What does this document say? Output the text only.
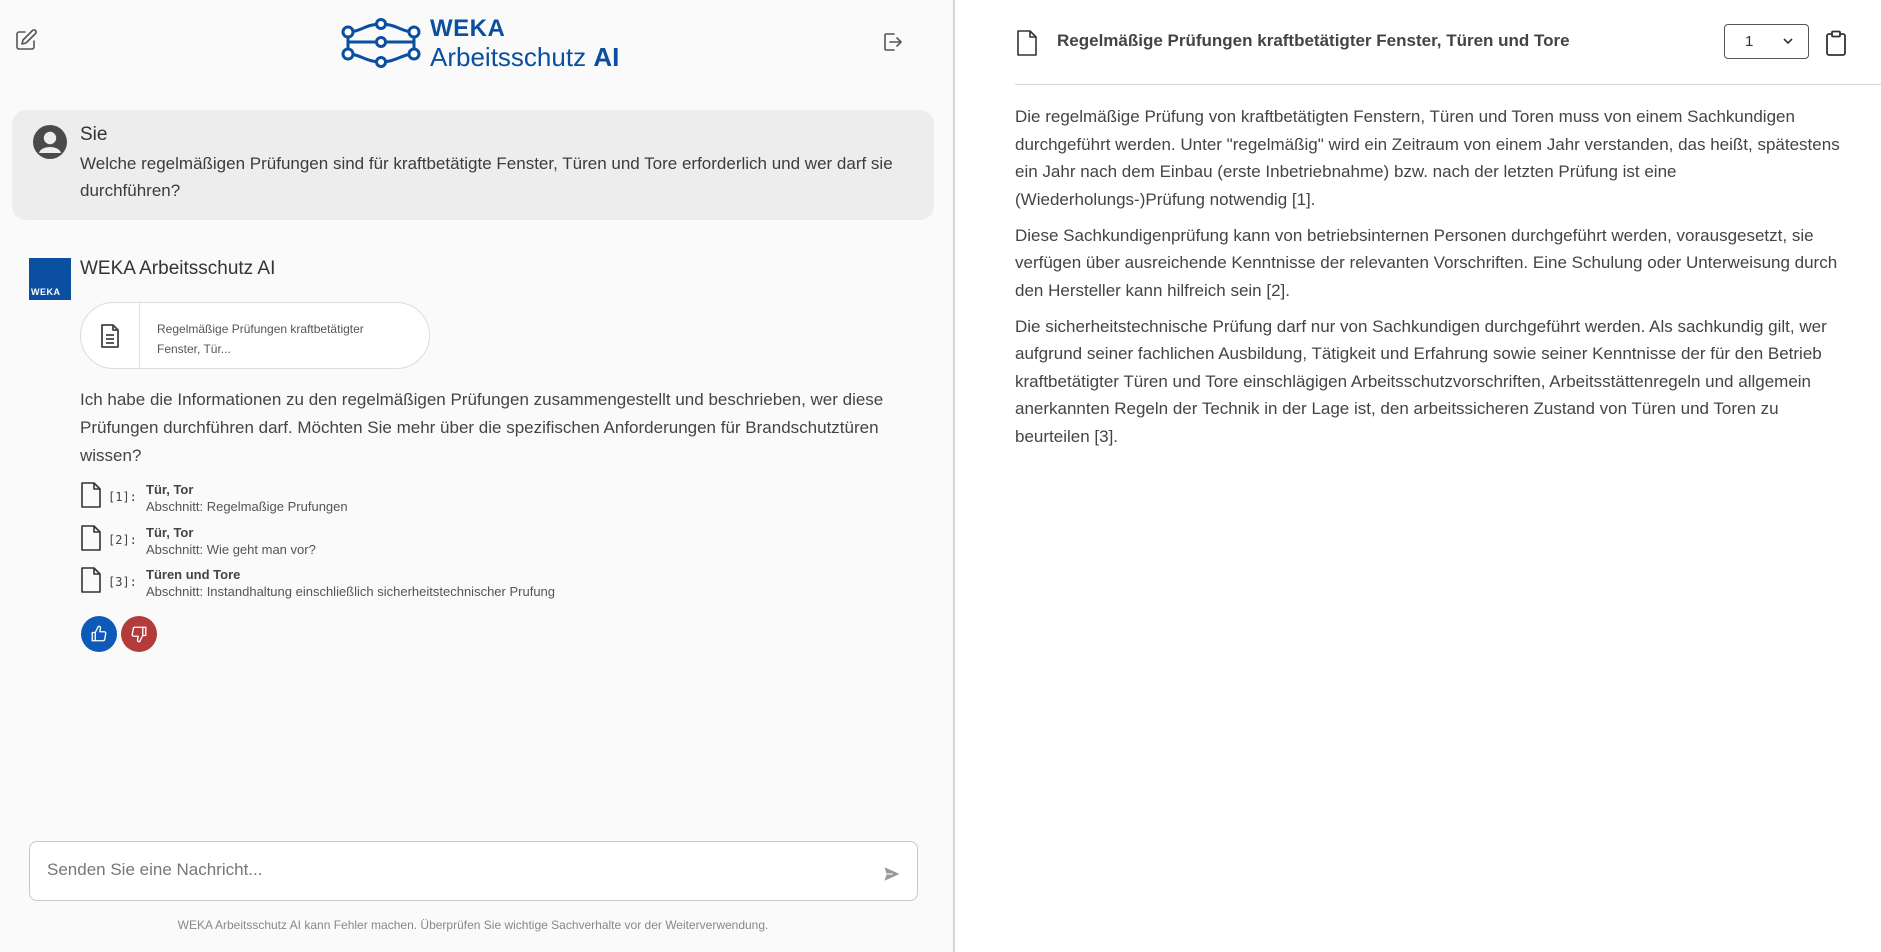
WEKA
Arbeitsschutz AI
Sie
Welche regelmäßigen Prüfungen sind für kraftbetätigte Fenster, Türen und Tore erforderlich und wer darf sie durchführen?
WEKA
WEKA Arbeitsschutz AI
Regelmäßige Prüfungen kraftbetätigter Fenster, Tür...
Ich habe die Informationen zu den regelmäßigen Prüfungen zusammengestellt und beschrieben, wer diese Prüfungen durchführen darf. Möchten Sie mehr über die spezifischen Anforderungen für Brandschutztüren wissen?
[1]: Tür, Tor
Abschnitt: Regelmaßige Prufungen
[2]: Tür, Tor
Abschnitt: Wie geht man vor?
[3]: Türen und Tore
Abschnitt: Instandhaltung einschließlich sicherheitstechnischer Prufung
Senden Sie eine Nachricht...
WEKA Arbeitsschutz AI kann Fehler machen. Überprüfen Sie wichtige Sachverhalte vor der Weiterverwendung.
Regelmäßige Prüfungen kraftbetätigter Fenster, Türen und Tore	1

Die regelmäßige Prüfung von kraftbetätigten Fenstern, Türen und Toren muss von einem Sachkundigen durchgeführt werden. Unter "regelmäßig" wird ein Zeitraum von einem Jahr verstanden, das heißt, spätestens ein Jahr nach dem Einbau (erste Inbetriebnahme) bzw. nach der letzten Prüfung ist eine (Wiederholungs-)Prüfung notwendig [1].

Diese Sachkundigenprüfung kann von betriebsinternen Personen durchgeführt werden, vorausgesetzt, sie verfügen über ausreichende Kenntnisse der relevanten Vorschriften. Eine Schulung oder Unterweisung durch den Hersteller kann hilfreich sein [2].

Die sicherheitstechnische Prüfung darf nur von Sachkundigen durchgeführt werden. Als sachkundig gilt, wer aufgrund seiner fachlichen Ausbildung, Tätigkeit und Erfahrung sowie seiner Kenntnisse der für den Betrieb kraftbetätigter Türen und Tore einschlägigen Arbeitsschutzvorschriften, Arbeitsstättenregeln und allgemein anerkannten Regeln der Technik in der Lage ist, den arbeitssicheren Zustand von Türen und Toren zu beurteilen [3].
